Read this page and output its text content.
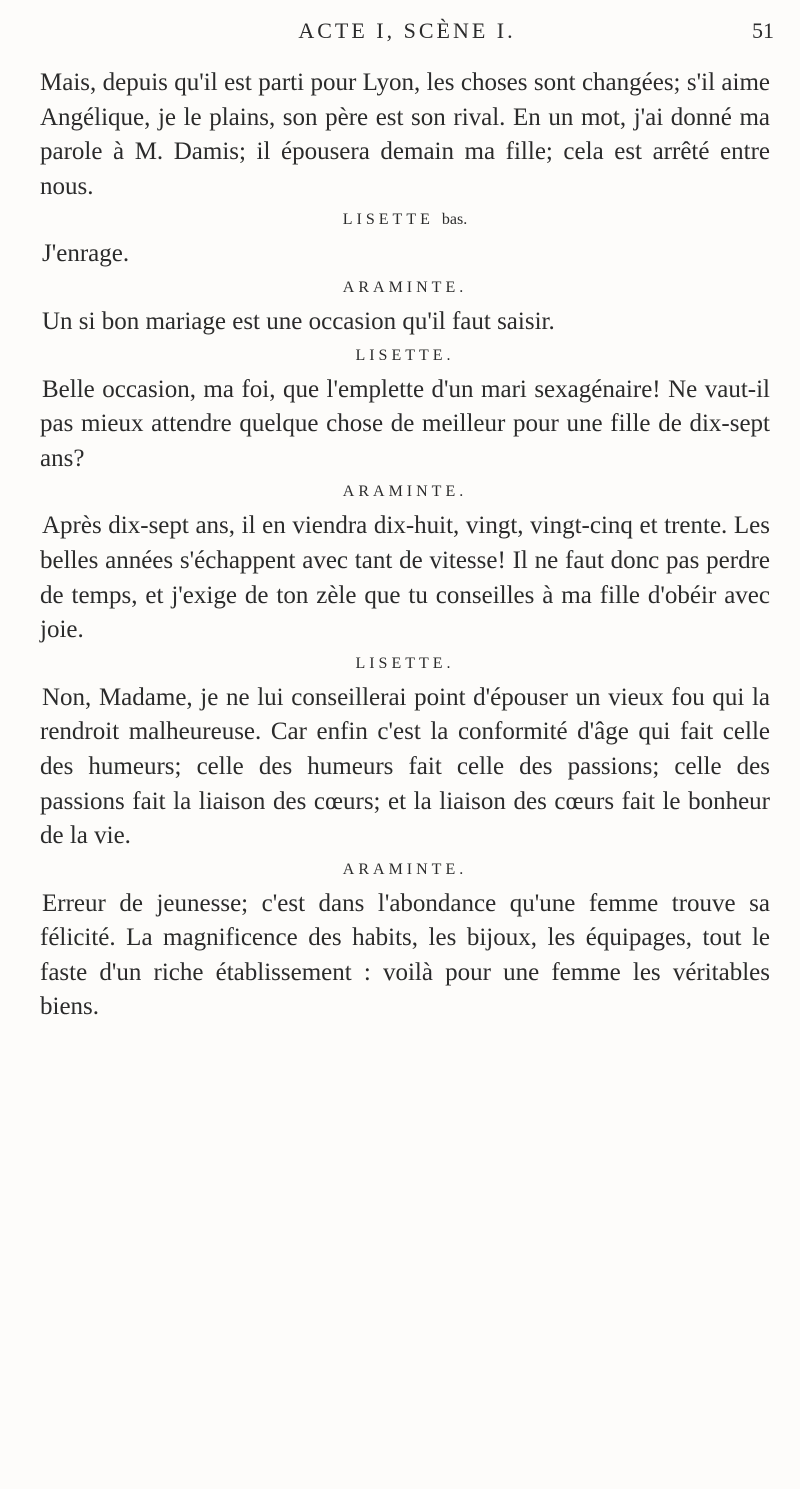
ACTE I, SCÈNE I.	51

Mais, depuis qu'il est parti pour Lyon, les choses sont changées; s'il aime Angélique, je le plains, son père est son rival. En un mot, j'ai donné ma parole à M. Damis; il épousera demain ma fille; cela est arrêté entre nous.

LISETTE bas.

J'enrage.

ARAMINTE.

Un si bon mariage est une occasion qu'il faut saisir.

LISETTE.

Belle occasion, ma foi, que l'emplette d'un mari sexagénaire! Ne vaut-il pas mieux attendre quelque chose de meilleur pour une fille de dix-sept ans?

ARAMINTE.

Après dix-sept ans, il en viendra dix-huit, vingt, vingt-cinq et trente. Les belles années s'échappent avec tant de vitesse! Il ne faut donc pas perdre de temps, et j'exige de ton zèle que tu conseilles à ma fille d'obéir avec joie.

LISETTE.

Non, Madame, je ne lui conseillerai point d'épouser un vieux fou qui la rendroit malheureuse. Car enfin c'est la conformité d'âge qui fait celle des humeurs; celle des humeurs fait celle des passions; celle des passions fait la liaison des cœurs; et la liaison des cœurs fait le bonheur de la vie.

ARAMINTE.

Erreur de jeunesse; c'est dans l'abondance qu'une femme trouve sa félicité. La magnificence des habits, les bijoux, les équipages, tout le faste d'un riche établissement : voilà pour une femme les véritables biens.
